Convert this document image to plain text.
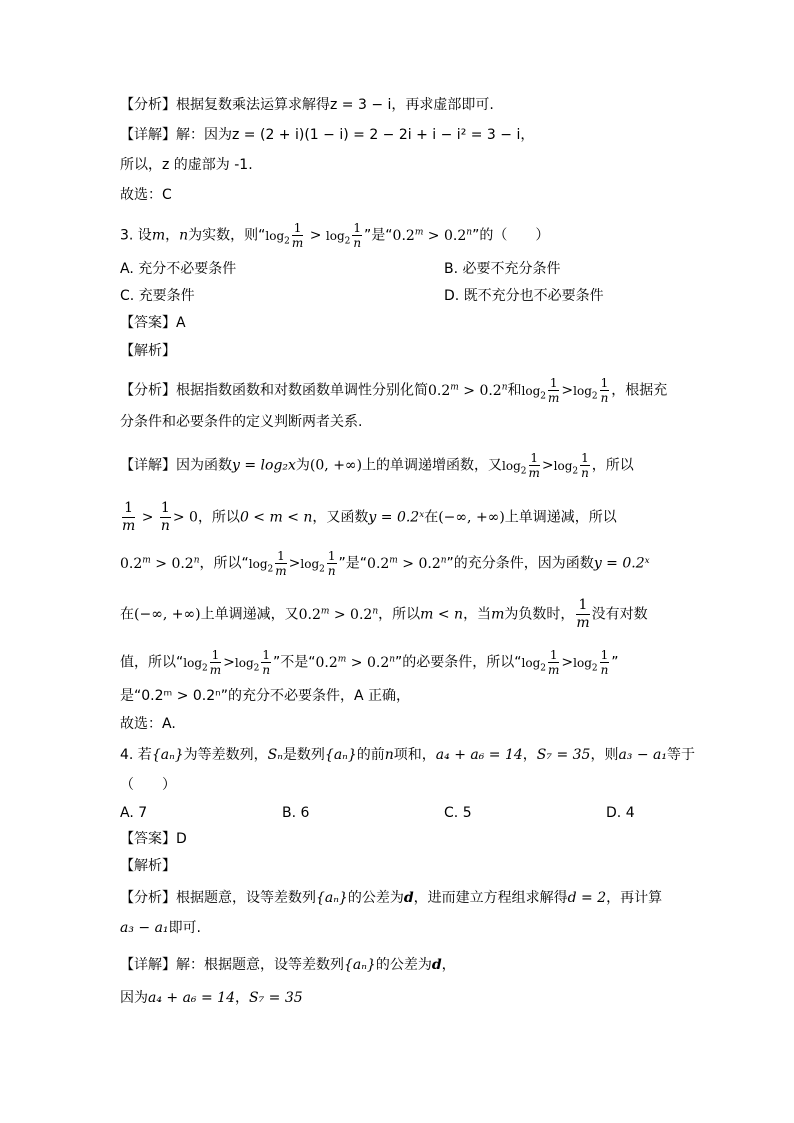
【分析】根据复数乘法运算求解得z = 3 − i，再求虚部即可.
【详解】解：因为z = (2 + i)(1 − i) = 2 − 2i + i − i² = 3 − i，
所以，z 的虚部为 -1.
故选：C
3. 设m，n为实数，则“$\log_2 \frac{1}{m} > \log_2 \frac{1}{n}$ ”是“$0.2^m > 0.2^n$”的（　　）
A. 充分不必要条件	B. 必要不充分条件
C. 充要条件	D. 既不充分也不必要条件
【答案】A
【解析】
【分析】根据指数函数和对数函数单调性分别化简$0.2^m > 0.2^n$和$\log_2 \frac{1}{m} >\log_2 \frac{1}{n}$ ，根据充
分条件和必要条件的定义判断两者关系.
【详解】因为函数y = log₂x为(0, +∞)上的单调递增函数，又$\log_2 \frac{1}{m} >\log_2 \frac{1}{n}$ ，所以
$\frac{1}{m} > \frac{1}{n} > 0$，所以0 < m < n，又函数y = 0.2ˣ在(−∞, +∞)上单调递减，所以
$0.2^m > 0.2^n$，所以“$\log_2 \frac{1}{m} >\log_2 \frac{1}{n}$ ”是“$0.2^m > 0.2^n$”的充分条件，因为函数y = 0.2ˣ
在(−∞, +∞)上单调递减，又$0.2^m > 0.2^n$，所以m < n，当m为负数时， $\frac{1}{m}$ 没有对数
值，所以“$\log_2 \frac{1}{m} >\log_2 \frac{1}{n}$ ”不是“$0.2^m > 0.2^n$”的必要条件，所以“$\log_2 \frac{1}{m} >\log_2 \frac{1}{n}$ ”
是“0.2ᵐ > 0.2ⁿ”的充分不必要条件，A 正确，
故选：A.
4. 若{aₙ}为等差数列，Sₙ是数列{aₙ}的前n项和，a₄ + a₆ = 14，S₇ = 35，则a₃ − a₁等于
（　　）
A. 7	B. 6	C. 5	D. 4
【答案】D
【解析】
【分析】根据题意，设等差数列{aₙ}的公差为d，进而建立方程组求解得d = 2，再计算
a₃ − a₁即可.
【详解】解：根据题意，设等差数列{aₙ}的公差为d，
因为a₄ + a₆ = 14，S₇ = 35
